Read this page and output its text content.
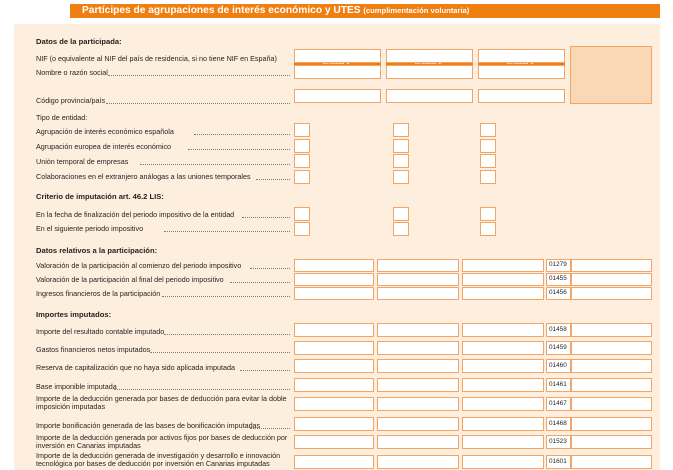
Partícipes de agrupaciones de interés económico y UTES (cumplimentación voluntaria)
Datos de la participada:
NIF (o equivalente al NIF del país de residencia, si no tiene NIF en España)
Nombre o razón social
Código provincia/país
Tipo de entidad:
Agrupación de interés económico española
Agrupación europea de interés económico
Unión temporal de empresas
Colaboraciones en el extranjero análogas a las uniones temporales
Criterio de imputación art. 46.2 LIS:
En la fecha de finalización del periodo impositivo de la entidad
En el siguiente periodo impositivo
Datos relativos a la participación:
Valoración de la participación al comienzo del periodo impositivo
Valoración de la participación al final del periodo impositivo
Ingresos financieros de la participación
01279
01455
01456
Importes imputados:
Importe del resultado contable imputado
Gastos financieros netos imputados
Reserva de capitalización que no haya sido aplicada imputada
Base imponible imputada
Importe de la deducción generada por bases de deducción para evitar la doble imposición imputadas
Importe bonificación generada de las bases de bonificación imputadas
Importe de la deducción generada por activos fijos por bases de deducción por inversión en Canarias imputadas
Importe de la deducción generada de investigación y desarrollo e innovación tecnológica por bases de deducción por inversión en Canarias imputadas
01458
01459
01460
01461
01467
01468
01523
01601
